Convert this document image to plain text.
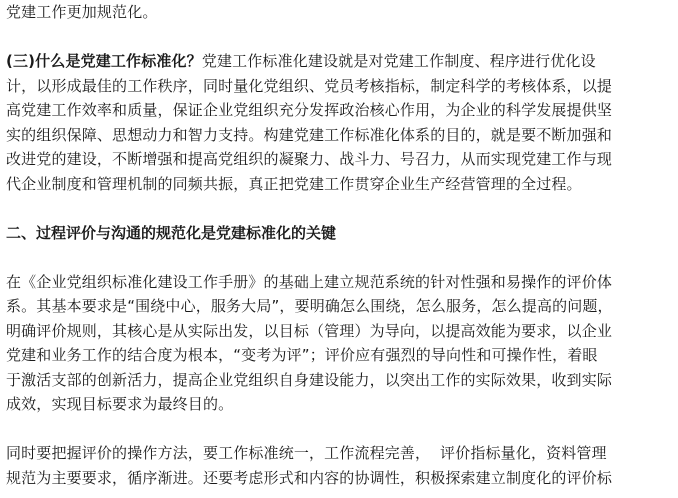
党建工作更加规范化。
(三)什么是党建工作标准化？党建工作标准化建设就是对党建工作制度、程序进行优化设
计，以形成最佳的工作秩序，同时量化党组织、党员考核指标，制定科学的考核体系，以提
高党建工作效率和质量，保证企业党组织充分发挥政治核心作用，为企业的科学发展提供坚
实的组织保障、思想动力和智力支持。构建党建工作标准化体系的目的，就是要不断加强和
改进党的建设，不断增强和提高党组织的凝聚力、战斗力、号召力，从而实现党建工作与现
代企业制度和管理机制的同频共振，真正把党建工作贯穿企业生产经营管理的全过程。
二、过程评价与沟通的规范化是党建标准化的关键
在《企业党组织标准化建设工作手册》的基础上建立规范系统的针对性强和易操作的评价体
系。其基本要求是“围绕中心，服务大局”，要明确怎么围绕，怎么服务，怎么提高的问题，
明确评价规则，其核心是从实际出发，以目标（管理）为导向，以提高效能为要求，以企业
党建和业务工作的结合度为根本，“变考为评”；评价应有强烈的导向性和可操作性，着眼
于激活支部的创新活力，提高企业党组织自身建设能力，以突出工作的实际效果，收到实际
成效，实现目标要求为最终目的。
同时要把握评价的操作方法，要工作标准统一，工作流程完善，  评价指标量化，资料管理
规范为主要要求，循序渐进。还要考虑形式和内容的协调性，积极探索建立制度化的评价标
